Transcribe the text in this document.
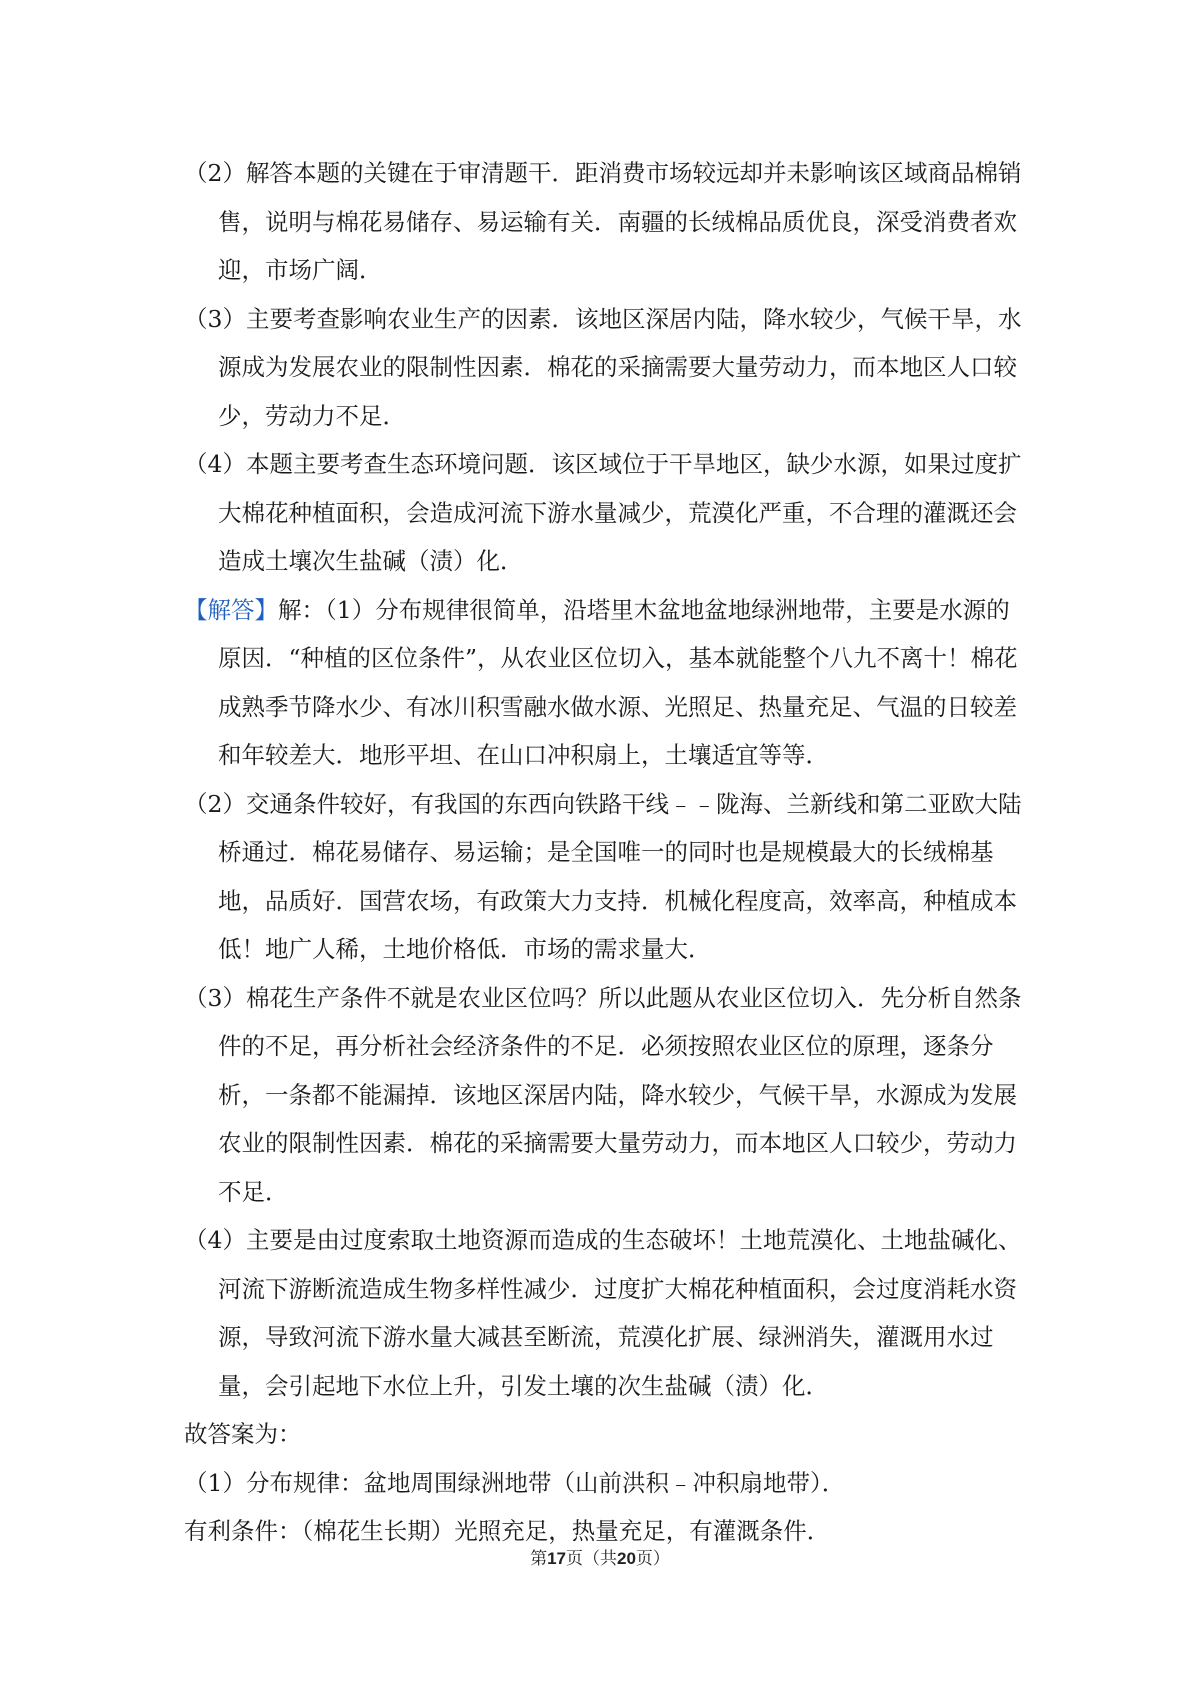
（2）解答本题的关键在于审清题干．距消费市场较远却并未影响该区域商品棉销售，说明与棉花易储存、易运输有关．南疆的长绒棉品质优良，深受消费者欢迎，市场广阔．

（3）主要考查影响农业生产的因素．该地区深居内陆，降水较少，气候干旱，水源成为发展农业的限制性因素．棉花的采摘需要大量劳动力，而本地区人口较少，劳动力不足．

（4）本题主要考查生态环境问题．该区域位于干旱地区，缺少水源，如果过度扩大棉花种植面积，会造成河流下游水量减少，荒漠化严重，不合理的灌溉还会造成土壤次生盐碱（渍）化．

【解答】解：（1）分布规律很简单，沿塔里木盆地盆地绿洲地带，主要是水源的原因．“种植的区位条件”，从农业区位切入，基本就能整个八九不离十！棉花成熟季节降水少、有冰川积雪融水做水源、光照足、热量充足、气温的日较差和年较差大．地形平坦、在山口冲积扇上，土壤适宜等等．

（2）交通条件较好，有我国的东西向铁路干线﹣﹣陇海、兰新线和第二亚欧大陆桥通过．棉花易储存、易运输；是全国唯一的同时也是规模最大的长绒棉基地，品质好．国营农场，有政策大力支持．机械化程度高，效率高，种植成本低！地广人稀，土地价格低．市场的需求量大．

（3）棉花生产条件不就是农业区位吗？所以此题从农业区位切入．先分析自然条件的不足，再分析社会经济条件的不足．必须按照农业区位的原理，逐条分析，一条都不能漏掉．该地区深居内陆，降水较少，气候干旱，水源成为发展农业的限制性因素．棉花的采摘需要大量劳动力，而本地区人口较少，劳动力不足．

（4）主要是由过度索取土地资源而造成的生态破坏！土地荒漠化、土地盐碱化、河流下游断流造成生物多样性减少．过度扩大棉花种植面积，会过度消耗水资源，导致河流下游水量大减甚至断流，荒漠化扩展、绿洲消失，灌溉用水过量，会引起地下水位上升，引发土壤的次生盐碱（渍）化．

故答案为：

（1）分布规律：盆地周围绿洲地带（山前洪积﹣冲积扇地带）．

有利条件：（棉花生长期）光照充足，热量充足，有灌溉条件．

第17页（共20页）
